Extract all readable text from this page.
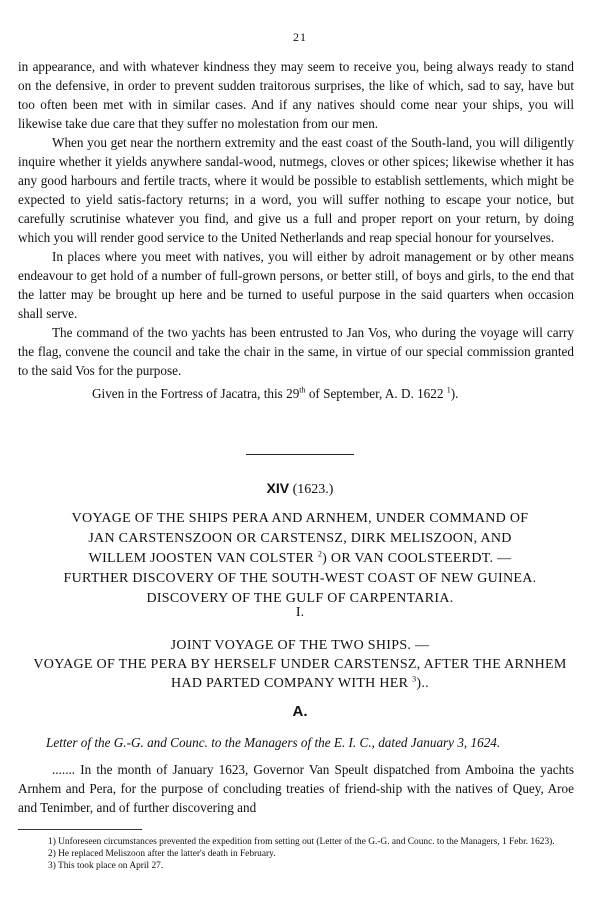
21

in appearance, and with whatever kindness they may seem to receive you, being always ready to stand on the defensive, in order to prevent sudden traitorous surprises, the like of which, sad to say, have but too often been met with in similar cases. And if any natives should come near your ships, you will likewise take due care that they suffer no molestation from our men.

When you get near the northern extremity and the east coast of the South-land, you will diligently inquire whether it yields anywhere sandal-wood, nutmegs, cloves or other spices; likewise whether it has any good harbours and fertile tracts, where it would be possible to establish settlements, which might be expected to yield satis-factory returns; in a word, you will suffer nothing to escape your notice, but carefully scrutinise whatever you find, and give us a full and proper report on your return, by doing which you will render good service to the United Netherlands and reap special honour for yourselves.

In places where you meet with natives, you will either by adroit management or by other means endeavour to get hold of a number of full-grown persons, or better still, of boys and girls, to the end that the latter may be brought up here and be turned to useful purpose in the said quarters when occasion shall serve.

The command of the two yachts has been entrusted to Jan Vos, who during the voyage will carry the flag, convene the council and take the chair in the same, in virtue of our special commission granted to the said Vos for the purpose.

Given in the Fortress of Jacatra, this 29th of September, A. D. 1622 $^1$).
XIV (1623.)
VOYAGE OF THE SHIPS PERA AND ARNHEM, UNDER COMMAND OF
JAN CARSTENSZOON OR CARSTENSZ, DIRK MELISZOON, AND
WILLEM JOOSTEN VAN COLSTER $^2$) OR VAN COOLSTEERDT. —
FURTHER DISCOVERY OF THE SOUTH-WEST COAST OF NEW GUINEA.
DISCOVERY OF THE GULF OF CARPENTARIA.
I.
JOINT VOYAGE OF THE TWO SHIPS. —
VOYAGE OF THE PERA BY HERSELF UNDER CARSTENSZ, AFTER THE ARNHEM
HAD PARTED COMPANY WITH HER $^3$)..
A.
Letter of the G.-G. and Counc. to the Managers of the E. I. C., dated January 3, 1624.

....... In the month of January 1623, Governor Van Speult dispatched from Amboina the yachts Arnhem and Pera, for the purpose of concluding treaties of friend-ship with the natives of Quey, Aroe and Tenimber, and of further discovering and

1) Unforeseen circumstances prevented the expedition from setting out (Letter of the G.-G. and Counc. to the Managers, 1 Febr. 1623).

2) He replaced Meliszoon after the latter's death in February.

3) This took place on April 27.
